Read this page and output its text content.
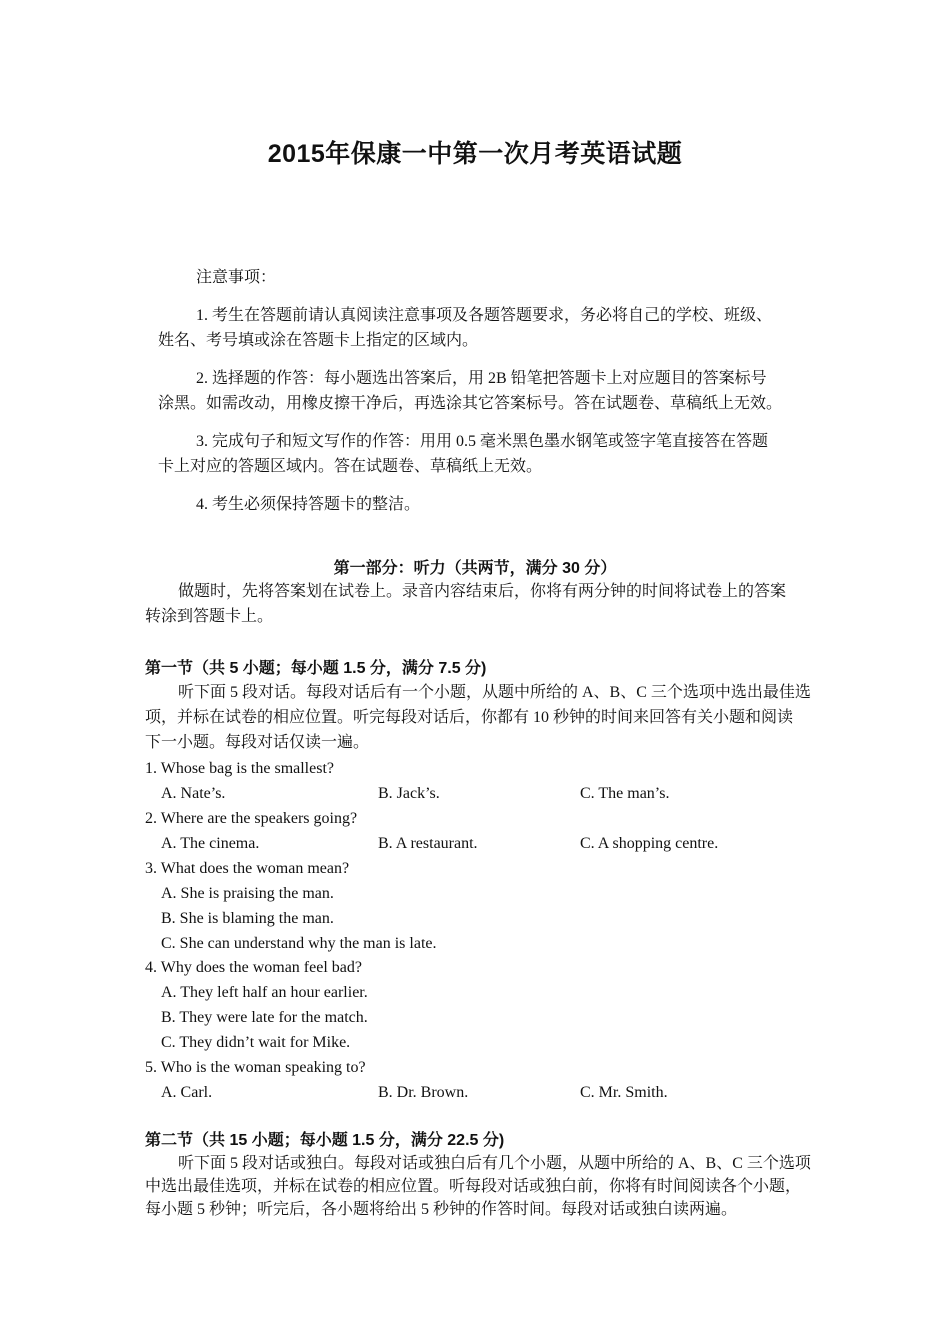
2015年保康一中第一次月考英语试题
注意事项：
1. 考生在答题前请认真阅读注意事项及各题答题要求，务必将自己的学校、班级、
姓名、考号填或涂在答题卡上指定的区域内。
2. 选择题的作答：每小题选出答案后，用 2B 铅笔把答题卡上对应题目的答案标号
涂黑。如需改动，用橡皮擦干净后，再选涂其它答案标号。答在试题卷、草稿纸上无效。
3. 完成句子和短文写作的作答：用用 0.5 毫米黑色墨水钢笔或签字笔直接答在答题
卡上对应的答题区域内。答在试题卷、草稿纸上无效。
4. 考生必须保持答题卡的整洁。
第一部分：听力（共两节，满分 30 分）
做题时，先将答案划在试卷上。录音内容结束后，你将有两分钟的时间将试卷上的答案
转涂到答题卡上。
第一节（共 5 小题；每小题 1.5 分，满分 7.5 分)
听下面 5 段对话。每段对话后有一个小题，从题中所给的 A、B、C 三个选项中选出最佳选
项，并标在试卷的相应位置。听完每段对话后，你都有 10 秒钟的时间来回答有关小题和阅读
下一小题。每段对话仅读一遍。
1. Whose bag is the smallest?
A. Nate’s.	B. Jack’s.	C. The man’s.
2. Where are the speakers going?
A. The cinema.	B. A restaurant.	C. A shopping centre.
3. What does the woman mean?
A. She is praising the man.
B. She is blaming the man.
C. She can understand why the man is late.
4. Why does the woman feel bad?
A. They left half an hour earlier.
B. They were late for the match.
C. They didn’t wait for Mike.
5. Who is the woman speaking to?
A. Carl.	B. Dr. Brown.	C. Mr. Smith.
第二节（共 15 小题；每小题 1.5 分，满分 22.5 分)
听下面 5 段对话或独白。每段对话或独白后有几个小题，从题中所给的 A、B、C 三个选项
中选出最佳选项，并标在试卷的相应位置。听每段对话或独白前，你将有时间阅读各个小题，
每小题 5 秒钟；听完后，各小题将给出 5 秒钟的作答时间。每段对话或独白读两遍。
